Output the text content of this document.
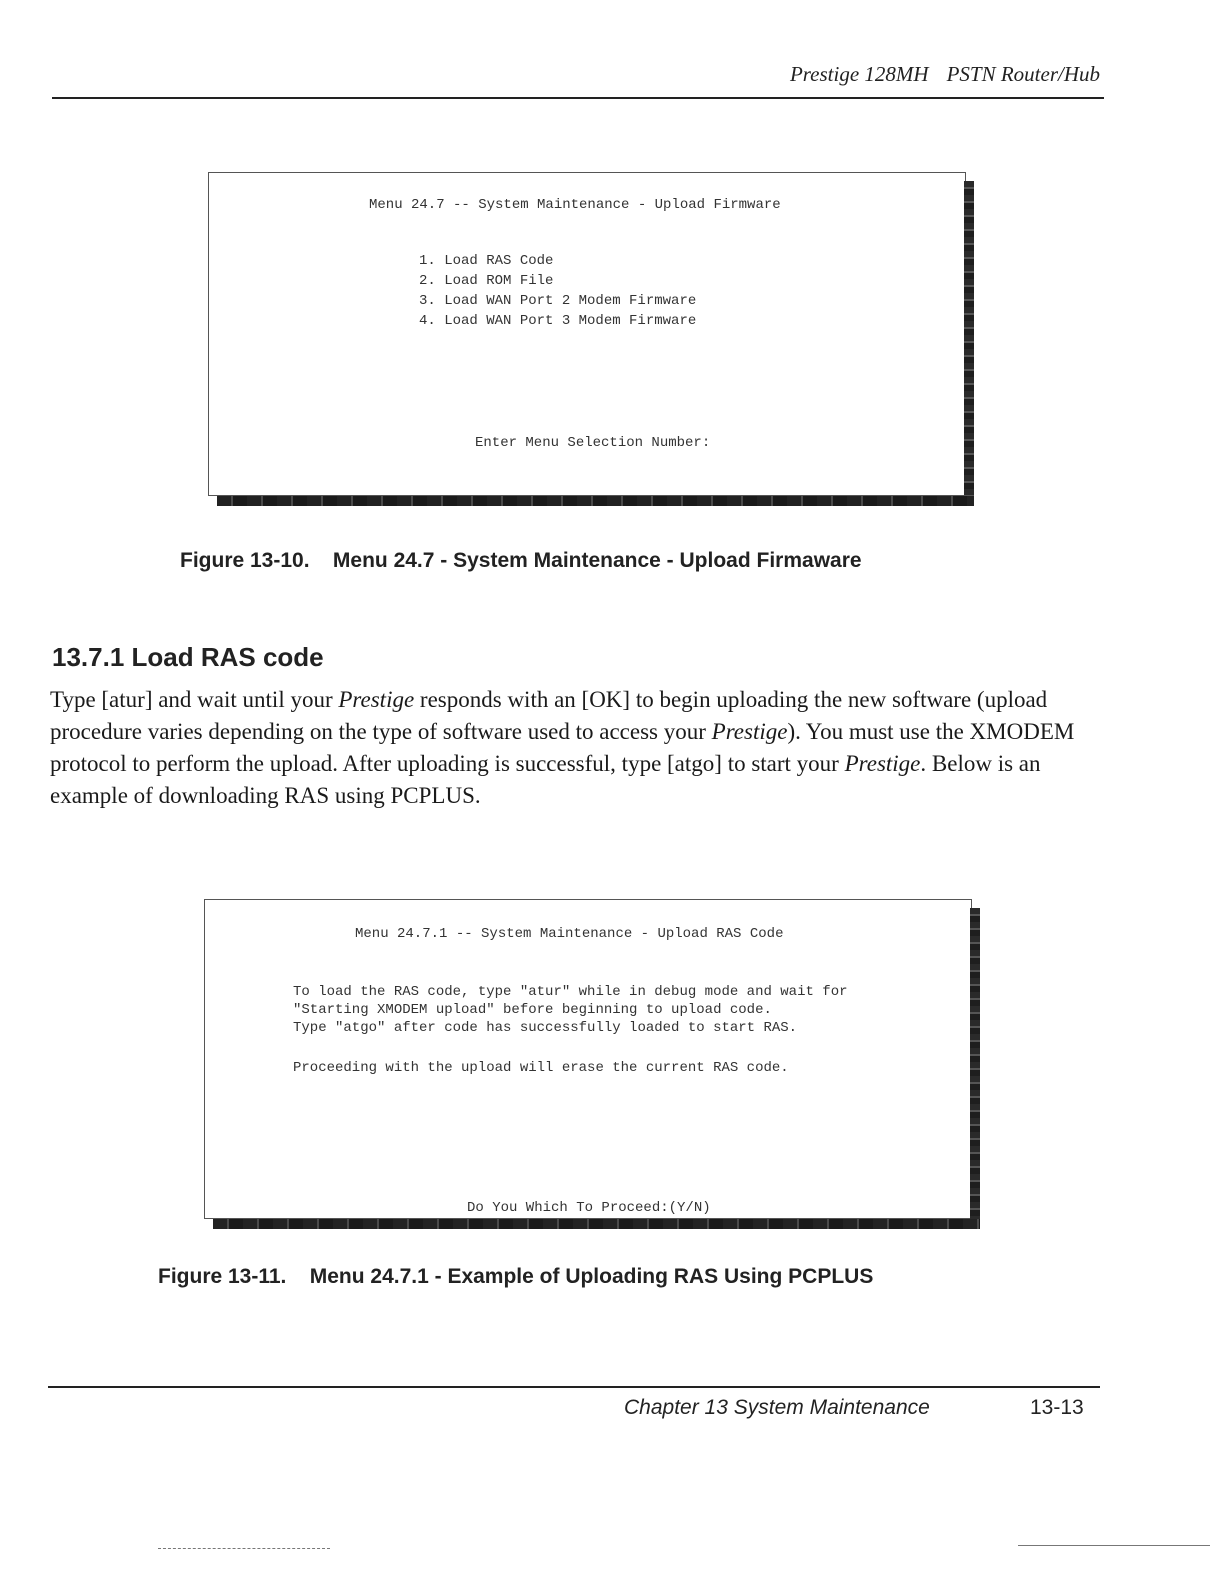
Prestige 128MH PSTN Router/Hub
Menu 24.7 -- System Maintenance - Upload Firmware
1. Load RAS Code
2. Load ROM File
3. Load WAN Port 2 Modem Firmware
4. Load WAN Port 3 Modem Firmware
Enter Menu Selection Number:
Figure 13-10. Menu 24.7 - System Maintenance - Upload Firmaware
13.7.1 Load RAS code

Type [atur] and wait until your Prestige responds with an [OK] to begin uploading the new software (upload procedure varies depending on the type of software used to access your Prestige). You must use the XMODEM protocol to perform the upload. After uploading is successful, type [atgo] to start your Prestige. Below is an example of downloading RAS using PCPLUS.

Menu 24.7.1 -- System Maintenance - Upload RAS Code
To load the RAS code, type "atur" while in debug mode and wait for
"Starting XMODEM upload" before beginning to upload code.
Type "atgo" after code has successfully loaded to start RAS.
Proceeding with the upload will erase the current RAS code.
Do You Which To Proceed:(Y/N)
Figure 13-11. Menu 24.7.1 - Example of Uploading RAS Using PCPLUS
Chapter 13 System Maintenance	13-13
